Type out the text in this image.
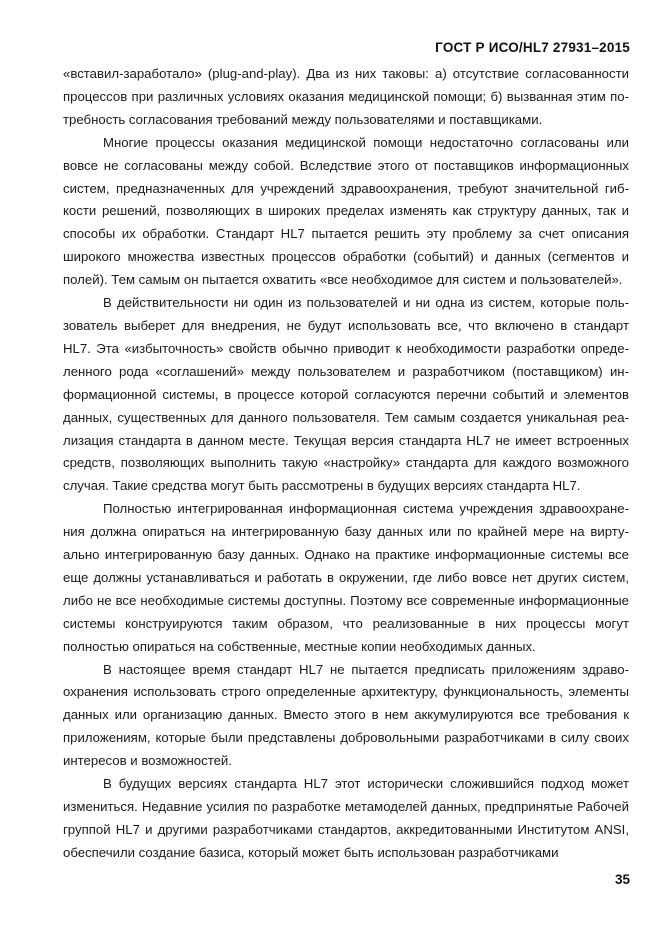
ГОСТ Р ИСО/HL7 27931–2015

«вставил-заработало» (plug-and-play). Два из них таковы: а) отсутствие согласованности процессов при различных условиях оказания медицинской помощи; б) вызванная этим потребность согласования требований между пользователями и поставщиками.

Многие процессы оказания медицинской помощи недостаточно согласованы или вовсе не согласованы между собой. Вследствие этого от поставщиков информационных систем, предназначенных для учреждений здравоохранения, требуют значительной гибкости решений, позволяющих в широких пределах изменять как структуру данных, так и способы их обработки. Стандарт HL7 пытается решить эту проблему за счет описания широкого множества известных процессов обработки (событий) и данных (сегментов и полей). Тем самым он пытается охватить «все необходимое для систем и пользователей».

В действительности ни один из пользователей и ни одна из систем, которые пользователь выберет для внедрения, не будут использовать все, что включено в стандарт HL7. Эта «избыточность» свойств обычно приводит к необходимости разработки определенного рода «соглашений» между пользователем и разработчиком (поставщиком) информационной системы, в процессе которой согласуются перечни событий и элементов данных, существенных для данного пользователя. Тем самым создается уникальная реализация стандарта в данном месте. Текущая версия стандарта HL7 не имеет встроенных средств, позволяющих выполнить такую «настройку» стандарта для каждого возможного случая. Такие средства могут быть рассмотрены в будущих версиях стандарта HL7.

Полностью интегрированная информационная система учреждения здравоохранения должна опираться на интегрированную базу данных или по крайней мере на виртуально интегрированную базу данных. Однако на практике информационные системы все еще должны устанавливаться и работать в окружении, где либо вовсе нет других систем, либо не все необходимые системы доступны. Поэтому все современные информационные системы конструируются таким образом, что реализованные в них процессы могут полностью опираться на собственные, местные копии необходимых данных.

В настоящее время стандарт HL7 не пытается предписать приложениям здравоохранения использовать строго определенные архитектуру, функциональность, элементы данных или организацию данных. Вместо этого в нем аккумулируются все требования к приложениям, которые были представлены добровольными разработчиками в силу своих интересов и возможностей.

В будущих версиях стандарта HL7 этот исторически сложившийся подход может измениться. Недавние усилия по разработке метамоделей данных, предпринятые Рабочей группой HL7 и другими разработчиками стандартов, аккредитованными Институтом ANSI, обеспечили создание базиса, который может быть использован разработчиками

35
